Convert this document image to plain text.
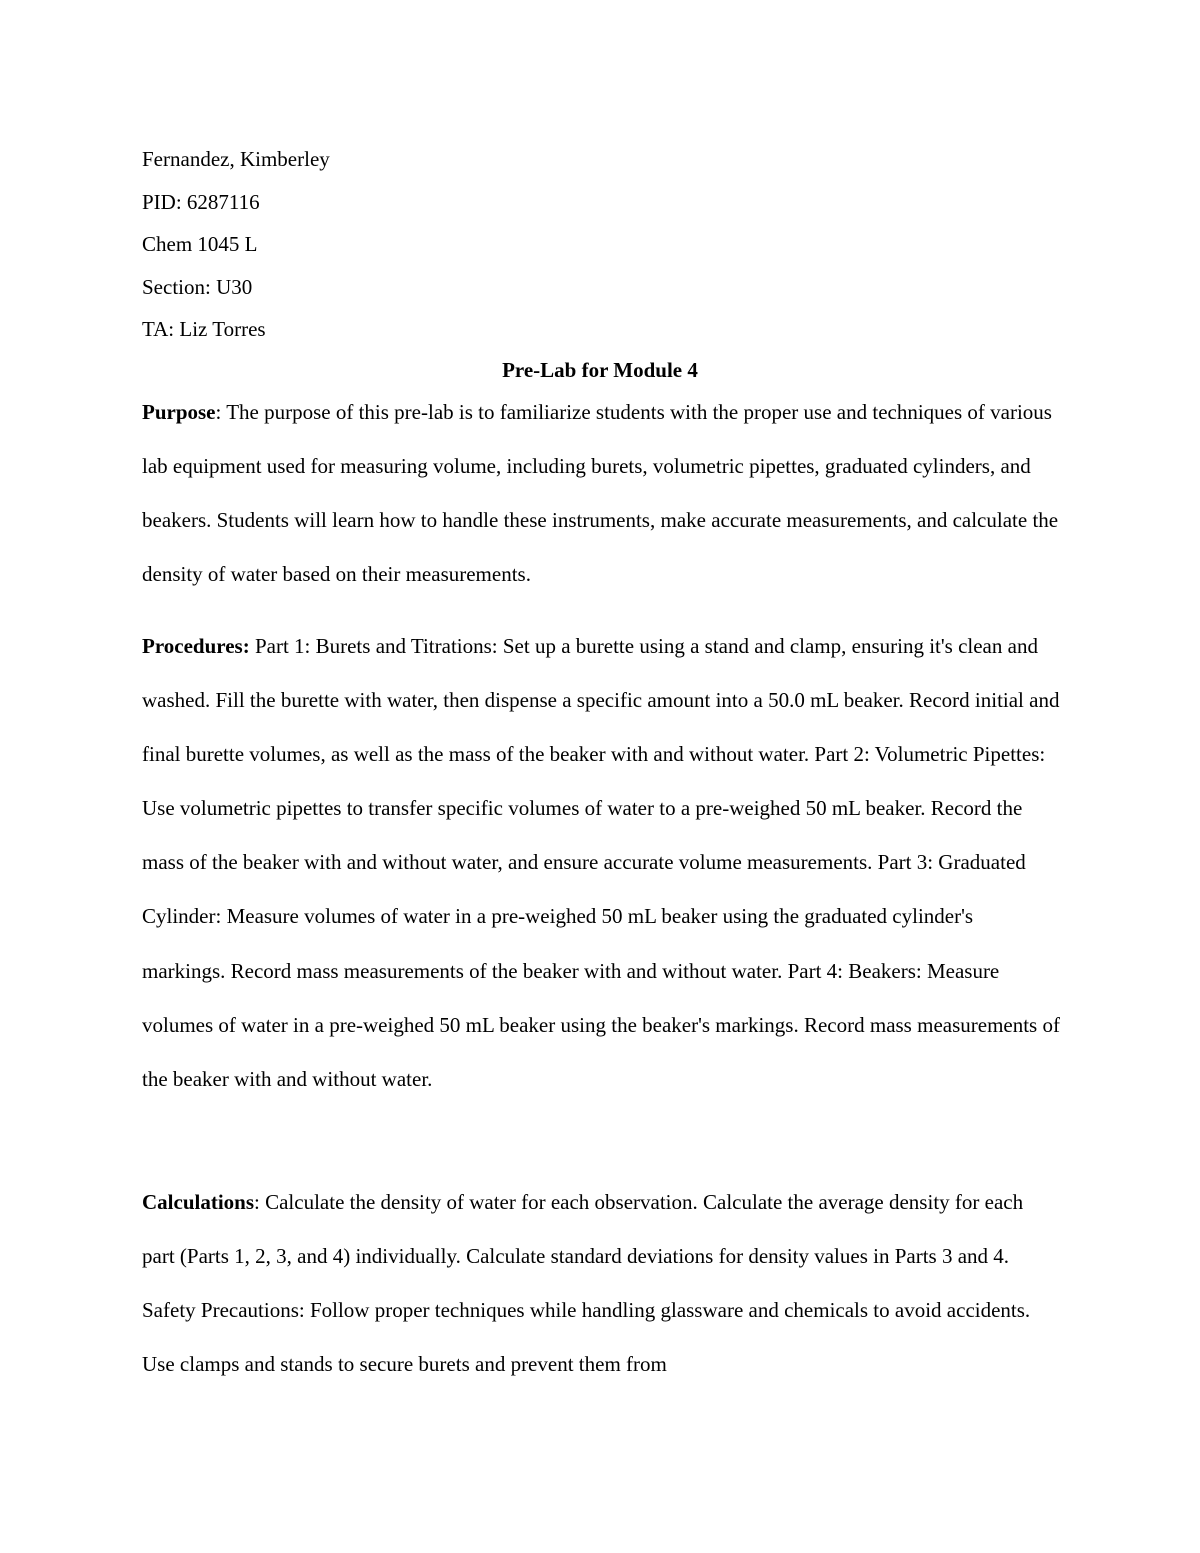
Fernandez, Kimberley
PID: 6287116
Chem 1045 L
Section: U30
TA: Liz Torres
Pre-Lab for Module 4
Purpose: The purpose of this pre-lab is to familiarize students with the proper use and techniques of various lab equipment used for measuring volume, including burets, volumetric pipettes, graduated cylinders, and beakers. Students will learn how to handle these instruments, make accurate measurements, and calculate the density of water based on their measurements.
Procedures: Part 1: Burets and Titrations: Set up a burette using a stand and clamp, ensuring it's clean and washed. Fill the burette with water, then dispense a specific amount into a 50.0 mL beaker. Record initial and final burette volumes, as well as the mass of the beaker with and without water. Part 2: Volumetric Pipettes: Use volumetric pipettes to transfer specific volumes of water to a pre-weighed 50 mL beaker. Record the mass of the beaker with and without water, and ensure accurate volume measurements. Part 3: Graduated Cylinder: Measure volumes of water in a pre-weighed 50 mL beaker using the graduated cylinder's markings. Record mass measurements of the beaker with and without water. Part 4: Beakers: Measure volumes of water in a pre-weighed 50 mL beaker using the beaker's markings. Record mass measurements of the beaker with and without water.
Calculations: Calculate the density of water for each observation. Calculate the average density for each part (Parts 1, 2, 3, and 4) individually. Calculate standard deviations for density values in Parts 3 and 4. Safety Precautions: Follow proper techniques while handling glassware and chemicals to avoid accidents. Use clamps and stands to secure burets and prevent them from
